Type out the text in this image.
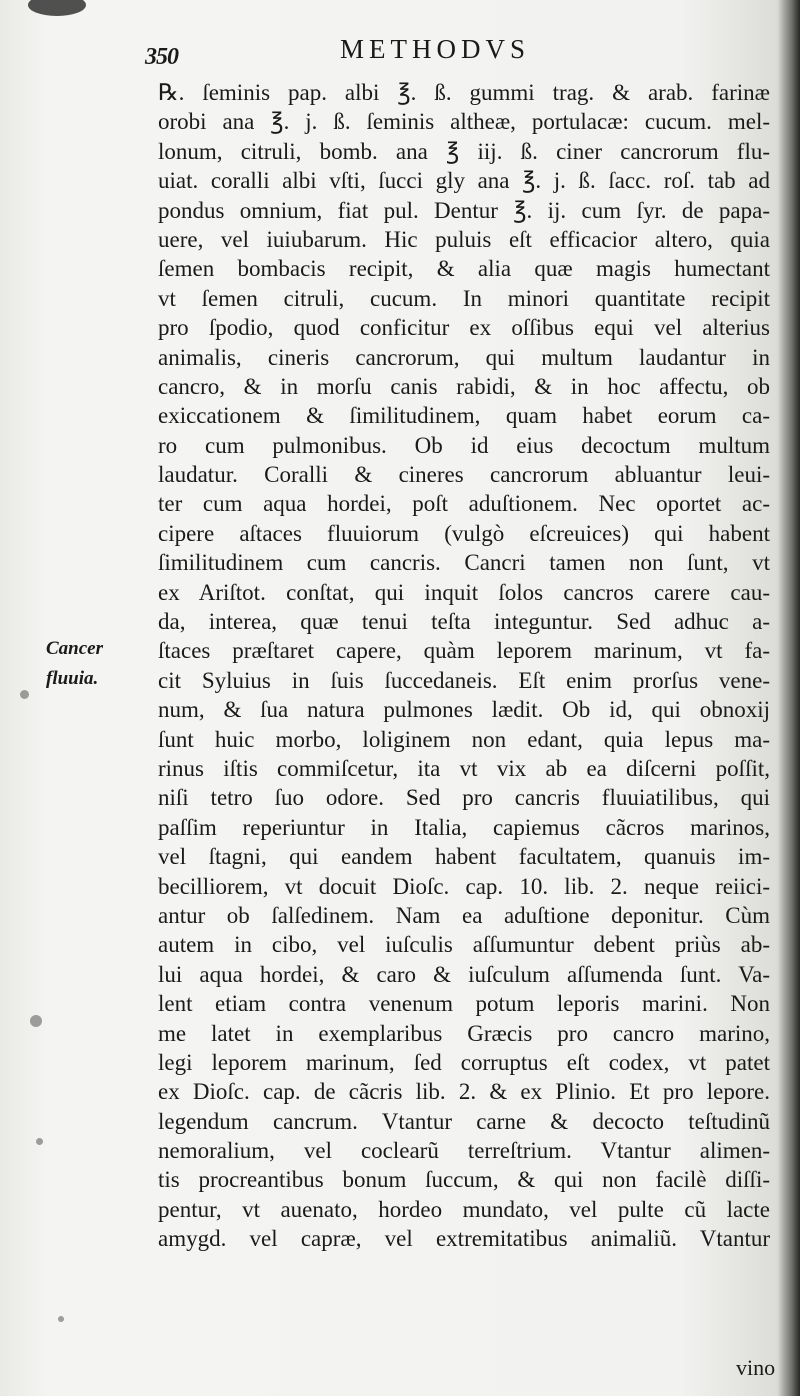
350	METHODVS
Cancer
fluuia.
℞. ſeminis pap. albi ℥. ß. gummi trag. & arab. farinæ
orobi ana ℥. j. ß. ſeminis altheæ, portulacæ: cucum. mel-
lonum, citruli, bomb. ana ℥ iij. ß. ciner cancrorum flu-
uiat. coralli albi vſti, ſucci gly ana ℥. j. ß. ſacc. roſ. tab ad
pondus omnium, fiat pul. Dentur ℥. ij. cum ſyr. de papa-
uere, vel iuiubarum. Hic puluis eſt efficacior altero, quia
ſemen bombacis recipit, & alia quæ magis humectant
vt ſemen citruli, cucum. In minori quantitate recipit
pro ſpodio, quod conficitur ex oſſibus equi vel alterius
animalis, cineris cancrorum, qui multum laudantur in
cancro, & in morſu canis rabidi, & in hoc affectu, ob
exiccationem & ſimilitudinem, quam habet eorum ca-
ro cum pulmonibus. Ob id eius decoctum multum
laudatur. Coralli & cineres cancrorum abluantur leui-
ter cum aqua hordei, poſt aduſtionem. Nec oportet ac-
cipere aſtaces fluuiorum (vulgò eſcreuices) qui habent
ſimilitudinem cum cancris. Cancri tamen non ſunt, vt
ex Ariſtot. conſtat, qui inquit ſolos cancros carere cau-
da, interea, quæ tenui teſta integuntur. Sed adhuc a-
ſtaces præſtaret capere, quàm leporem marinum, vt fa-
cit Syluius in ſuis ſuccedaneis. Eſt enim prorſus vene-
num, & ſua natura pulmones lædit. Ob id, qui obnoxij
ſunt huic morbo, loliginem non edant, quia lepus ma-
rinus iſtis commiſcetur, ita vt vix ab ea diſcerni poſſit,
niſi tetro ſuo odore. Sed pro cancris fluuiatilibus, qui
paſſim reperiuntur in Italia, capiemus cãcros marinos,
vel ſtagni, qui eandem habent facultatem, quanuis im-
becilliorem, vt docuit Dioſc. cap. 10. lib. 2. neque reiici-
antur ob ſalſedinem. Nam ea aduſtione deponitur. Cùm
autem in cibo, vel iuſculis aſſumuntur debent priùs ab-
lui aqua hordei, & caro & iuſculum aſſumenda ſunt. Va-
lent etiam contra venenum potum leporis marini. Non
me latet in exemplaribus Græcis pro cancro marino,
legi leporem marinum, ſed corruptus eſt codex, vt patet
ex Dioſc. cap. de cãcris lib. 2. & ex Plinio. Et pro lepore.
legendum cancrum. Vtantur carne & decocto teſtudinũ
nemoralium, vel coclearũ terreſtrium. Vtantur alimen-
tis procreantibus bonum ſuccum, & qui non facilè diſſi-
pentur, vt auenato, hordeo mundato, vel pulte cũ lacte
amygd. vel capræ, vel extremitatibus animaliũ. Vtantur
vino
